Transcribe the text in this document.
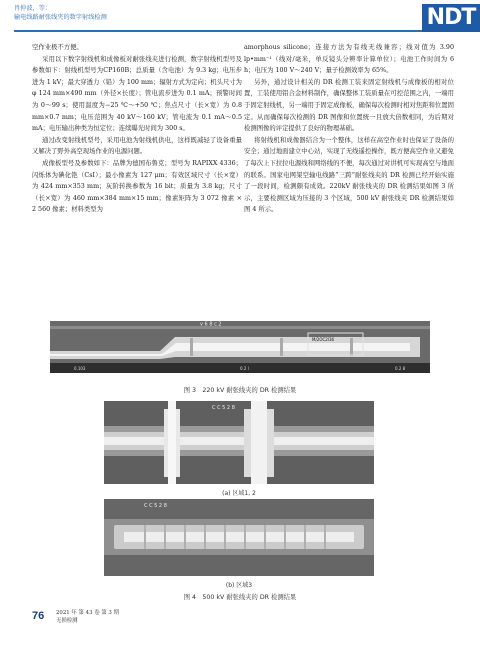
肖仲波，等：
输电线路耐张线夹的数字射线检测	NDT

空作业极不方便。

采用以下数字射线机和成像板对耐张线夹进行检测，数字射线机型号及参数如下：射线机型号为CP160B；总质量（含电池）为 9.3 kg；电压步进为 1 kV；最大穿透力（铅）为 100 mm；辐射方式为定向；机头尺寸为 φ 124 mm×490 mm（外径×长度）；管电流步进为 0.1 mA；预警时间为 0～99 s；使用温度为−25 ℃～+50 ℃；焦点尺寸（长×宽）为 0.8 mm×0.7 mm；电压范围为 40 kV～160 kV；管电流为 0.1 mA～0.5 mA；电压输出种类为恒定位；连续曝光时间为 300 s。

通过改变射线机型号，采用电池为射线机供电，这样既减轻了设备重量又解决了野外高空现场作业的电源问题。

成像板型号及参数如下：品牌为德国布鲁克；型号为 RAPIXX 4336；闪烁体为碘化铯（CsI）；最小像素为 127 μm；有效区域尺寸（长×宽）为 424 mm×353 mm；灰阶转换参数为 16 bit；质量为 3.8 kg；尺寸（长×宽）为 460 mm×384 mm×15 mm；像素矩阵为 3 072 像素 × 2 560 像素；材料类型为

amorphous silicone；连接方法为有线无线兼容；线对值为 3.90 lp•mm⁻¹（线对/毫米，单反镜头分辨率计算单位）；电池工作时间为 6 h；电压为 100 V～240 V；量子检测效率为 65%。

另外，通过设计相关的 DR 检测工装来固定射线机与成像板的相对位置，工装使用铝合金材料制作，确保整体工装质量在可控范围之内，一端用于固定射线机，另一端用于固定成像板，确保每次检测时相对焦距和位置固定。从而确保每次检测的 DR 图像和位置统一且放大倍数相同，为后期对检测图像的评定提供了良好的物理基础。

将射线机和成像器结合为一个整体，这样在高空作业时也保证了设备的安全；通过地面建立中心站，实现了无线遥控操作，既方便高空作业又避免了每次上下拉拉电源线和网络线的不便，每次通过对讲机可实现高空与地面的联系。国家电网架空输电线路“三跨”耐张线夹的 DR 检测已经开始实施了一段时间，检测颇有成效。220kV 耐张线夹的 DR 检测结果如图 3 所示，主要检测区域为压接的 3 个区域，500 kV 耐张线夹 DR 检测结果如图 4 所示。

v 6 8 c 2
M/2OC2l36
0.103	0.2 l	0.2 8
图 3　220 kV 耐张线夹的 DR 检测结果
C C 5 2 8
(a) 区域1, 2
C C 5 2 8
(b) 区域3
图 4　500 kV 耐张线夹的 DR 检测结果
76 2021 年 第 43 卷 第 3 期
无损检测
